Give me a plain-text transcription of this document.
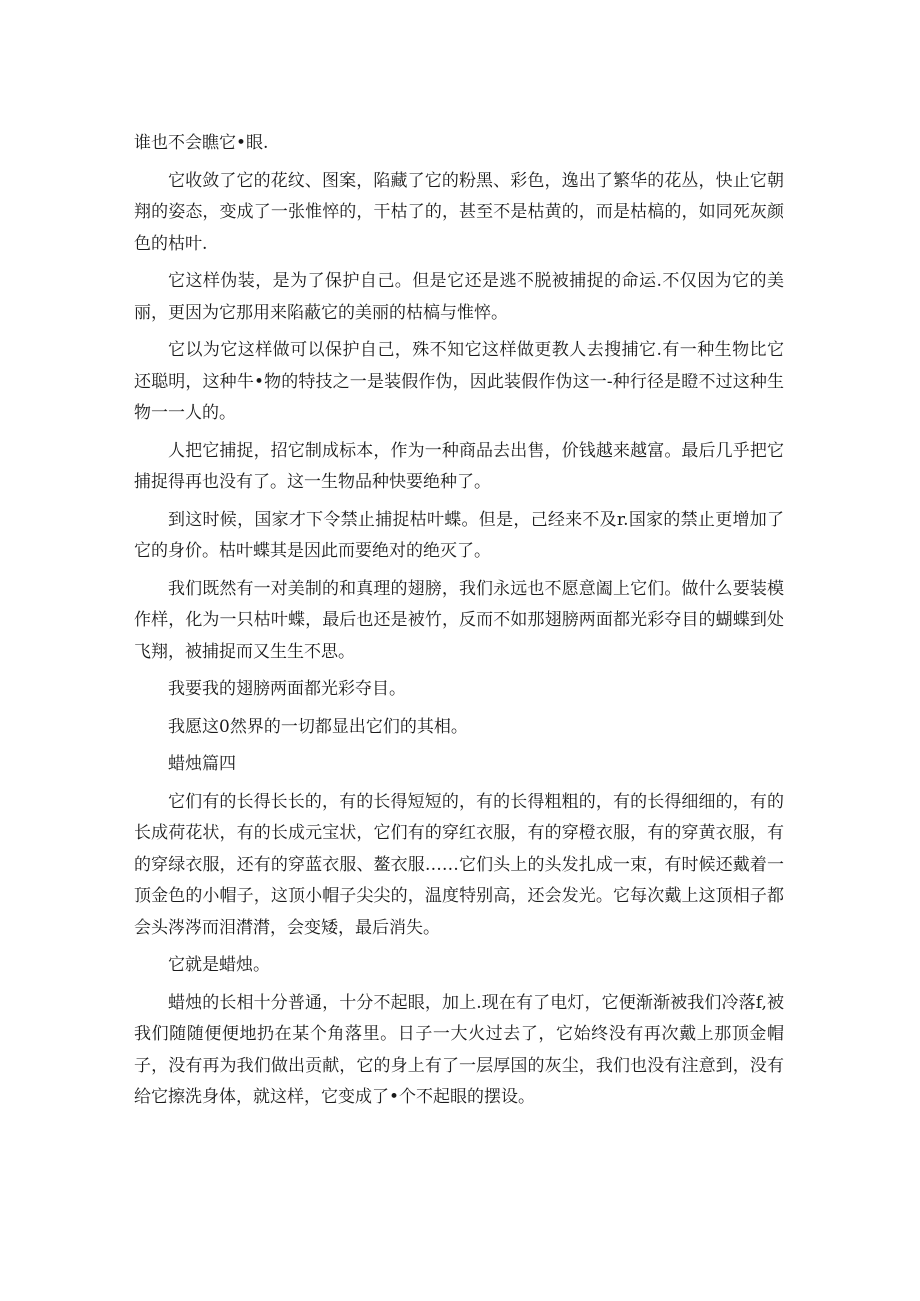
谁也不会瞧它•眼.

它收敛了它的花纹、图案，陷藏了它的粉黑、彩色，逸出了繁华的花丛，快止它朝翔的姿态，变成了一张惟悴的，干枯了的，甚至不是枯黄的，而是枯槁的，如同死灰颜色的枯叶.

它这样伪装，是为了保护自己。但是它还是逃不脱被捕捉的命运.不仅因为它的美丽，更因为它那用来陷蔽它的美丽的枯槁与惟悴。

它以为它这样做可以保护自己，殊不知它这样做更教人去搜捕它.有一种生物比它还聪明，这种牛•物的特技之一是装假作伪，因此装假作伪这一-种行径是瞪不过这种生物一一人的。

人把它捕捉，招它制成标本，作为一种商品去出售，价钱越来越富。最后几乎把它捕捉得再也没有了。这一生物品种快要绝种了。

到这时候，国家才下令禁止捕捉枯叶蝶。但是，己经来不及r.国家的禁止更增加了它的身价。枯叶蝶其是因此而要绝对的绝灭了。

我们既然有一对美制的和真理的翅膀，我们永远也不愿意阖上它们。做什么要装模作样，化为一只枯叶蝶，最后也还是被竹，反而不如那翅膀两面都光彩夺目的蝴蝶到处飞翔，被捕捉而又生生不思。

我要我的翅膀两面都光彩夺目。

我愿这0然界的一切都显出它们的其相。

蜡烛篇四

它们有的长得长长的，有的长得短短的，有的长得粗粗的，有的长得细细的，有的长成荷花状，有的长成元宝状，它们有的穿红衣服，有的穿橙衣服，有的穿黄衣服，有的穿绿衣服，还有的穿蓝衣服、鳌衣服……它们头上的头发扎成一束，有时候还戴着一顶金色的小帽子，这顶小帽子尖尖的，温度特别高，还会发光。它每次戴上这顶相子都会头涔涔而泪潸潸，会变矮，最后消失。

它就是蜡烛。

蜡烛的长相十分普通，十分不起眼，加上.现在有了电灯，它便渐渐被我们冷落f,被我们随随便便地扔在某个角落里。日子一大火过去了，它始终没有再次戴上那顶金帽子，没有再为我们做出贡献，它的身上有了一层厚国的灰尘，我们也没有注意到，没有给它擦洗身体，就这样，它变成了•个不起眼的摆设。
